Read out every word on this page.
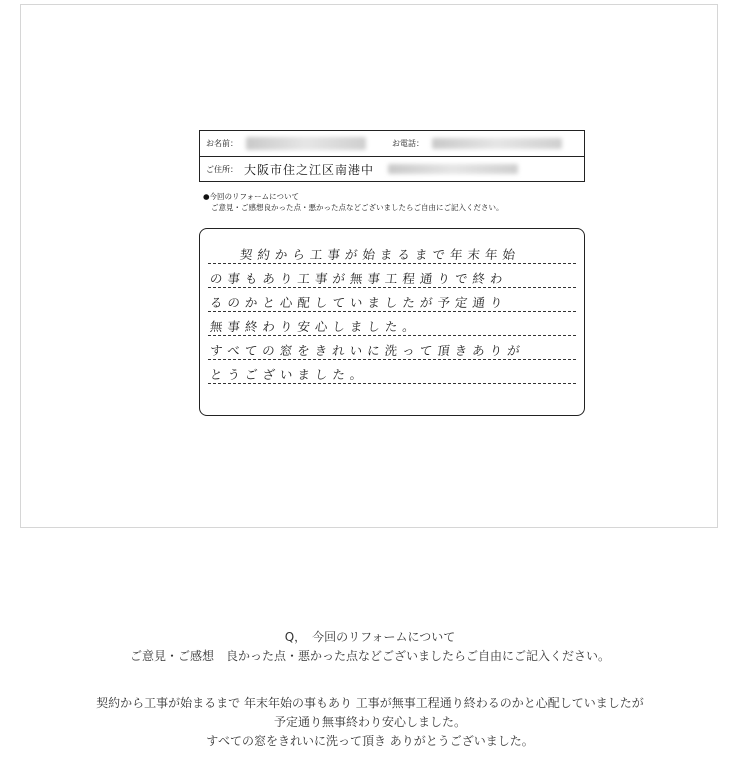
お名前：	お電話：
ご住所： 大阪市住之江区南港中
●今回のリフォームについて
ご意見・ご感想良かった点・悪かった点などございましたらご自由にご記入ください。
契約から工事が始まるまで年末年始
の事もあり工事が無事工程通りで終わ
るのかと心配していましたが予定通り
無事終わり安心しました。
すべての窓をきれいに洗って頂きありが
とうございました。
Q，　今回のリフォームについて
ご意見・ご感想　良かった点・悪かった点などございましたらご自由にご記入ください。
契約から工事が始まるまで 年末年始の事もあり 工事が無事工程通り終わるのかと心配していましたが
予定通り無事終わり安心しました。
すべての窓をきれいに洗って頂き ありがとうございました。
